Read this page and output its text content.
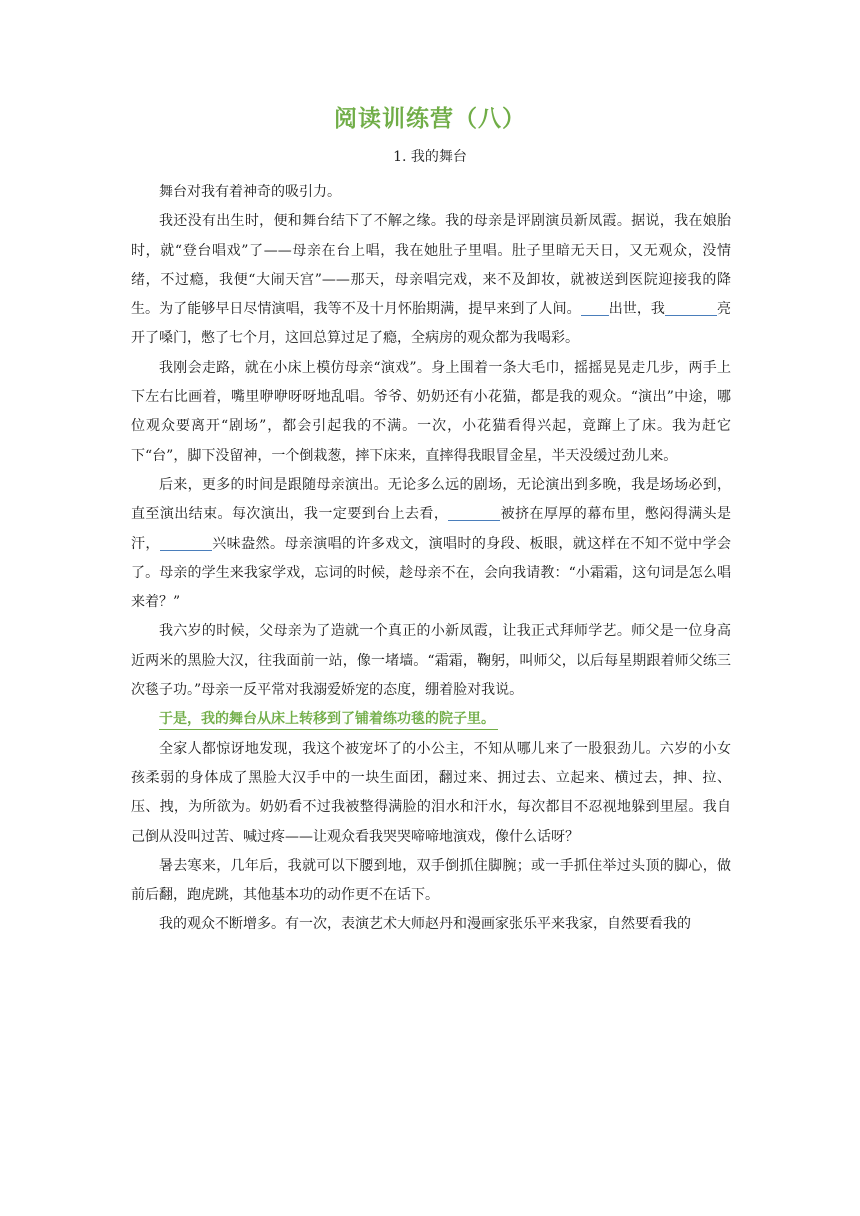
阅读训练营（八）
1. 我的舞台

舞台对我有着神奇的吸引力。

我还没有出生时，便和舞台结下了不解之缘。我的母亲是评剧演员新凤霞。据说，我在娘胎时，就“登台唱戏”了——母亲在台上唱，我在她肚子里唱。肚子里暗无天日，又无观众，没情绪，不过瘾，我便“大闹天宫”——那天，母亲唱完戏，来不及卸妆，就被送到医院迎接我的降生。为了能够早日尽情演唱，我等不及十月怀胎期满，提早来到了人间。 出世，我	亮开了嗓门，憋了七个月，这回总算过足了瘾，全病房的观众都为我喝彩。

我刚会走路，就在小床上模仿母亲“演戏”。身上围着一条大毛巾，摇摇晃晃走几步，两手上下左右比画着，嘴里咿咿呀呀地乱唱。爷爷、奶奶还有小花猫，都是我的观众。“演出”中途，哪位观众要离开“剧场”，都会引起我的不满。一次，小花猫看得兴起，竟蹿上了床。我为赶它下“台”，脚下没留神，一个倒栽葱，摔下床来，直摔得我眼冒金星，半天没缓过劲儿来。

后来，更多的时间是跟随母亲演出。无论多么远的剧场，无论演出到多晚，我是场场必到，直至演出结束。每次演出，我一定要到台上去看，	被挤在厚厚的幕布里，憋闷得满头是汗，	兴味盎然。母亲演唱的许多戏文，演唱时的身段、板眼，就这样在不知不觉中学会了。母亲的学生来我家学戏，忘词的时候，趁母亲不在，会向我请教：“小霜霜，这句词是怎么唱来着？”

我六岁的时候，父母亲为了造就一个真正的小新凤霞，让我正式拜师学艺。师父是一位身高近两米的黑脸大汉，往我面前一站，像一堵墙。“霜霜，鞠躬，叫师父，以后每星期跟着师父练三次毯子功。”母亲一反平常对我溺爱娇宠的态度，绷着脸对我说。

于是，我的舞台从床上转移到了铺着练功毯的院子里。

全家人都惊讶地发现，我这个被宠坏了的小公主，不知从哪儿来了一股狠劲儿。六岁的小女孩柔弱的身体成了黑脸大汉手中的一块生面团，翻过来、拥过去、立起来、横过去，抻、拉、压、拽，为所欲为。奶奶看不过我被整得满脸的泪水和汗水，每次都目不忍视地躲到里屋。我自己倒从没叫过苦、喊过疼——让观众看我哭哭啼啼地演戏，像什么话呀？

暑去寒来，几年后，我就可以下腰到地，双手倒抓住脚腕；或一手抓住举过头顶的脚心，做前后翻，跑虎跳，其他基本功的动作更不在话下。

我的观众不断增多。有一次，表演艺术大师赵丹和漫画家张乐平来我家，自然要看我的
